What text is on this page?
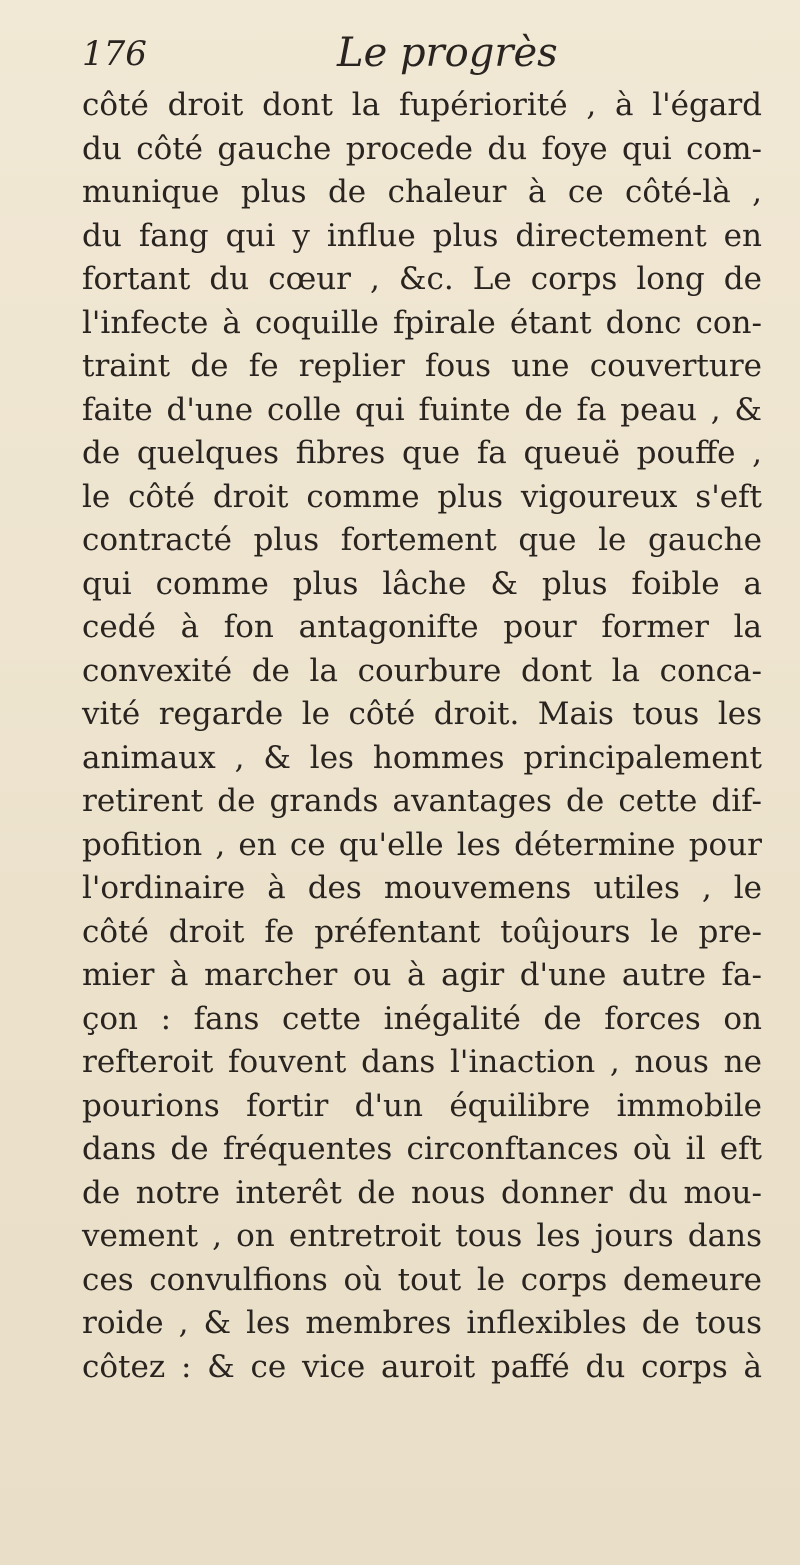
176	Le progrès
côté droit dont la fupériorité , à l'égard
du côté gauche procede du foye qui com-
munique plus de chaleur à ce côté-là ,
du fang qui y influe plus directement en
fortant du cœur , &c. Le corps long de
l'infecte à coquille fpirale étant donc con-
traint de fe replier fous une couverture
faite d'une colle qui fuinte de fa peau , &
de quelques fibres que fa queuë pouffe ,
le côté droit comme plus vigoureux s'eft
contracté plus fortement que le gauche
qui comme plus lâche & plus foible a
cedé à fon antagonifte pour former la
convexité de la courbure dont la conca-
vité regarde le côté droit. Mais tous les
animaux , & les hommes principalement
retirent de grands avantages de cette dif-
pofition , en ce qu'elle les détermine pour
l'ordinaire à des mouvemens utiles , le
côté droit fe préfentant toûjours le pre-
mier à marcher ou à agir d'une autre fa-
çon : fans cette inégalité de forces on
refteroit fouvent dans l'inaction , nous ne
pourions fortir d'un équilibre immobile
dans de fréquentes circonftances où il eft
de notre interêt de nous donner du mou-
vement , on entretroit tous les jours dans
ces convulfions où tout le corps demeure
roide , & les membres inflexibles de tous
côtez : & ce vice auroit paffé du corps à
